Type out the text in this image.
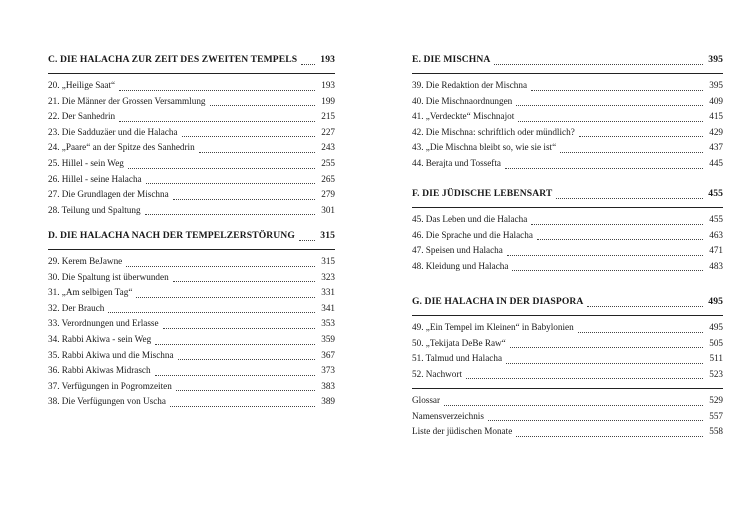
C. DIE HALACHA ZUR ZEIT DES ZWEITEN TEMPELS	193
20. „Heilige Saat“	193
21. Die Männer der Grossen Versammlung	199
22. Der Sanhedrin	215
23. Die Sadduzäer und die Halacha	227
24. „Paare“ an der Spitze des Sanhedrin	243
25. Hillel - sein Weg	255
26. Hillel - seine Halacha	265
27. Die Grundlagen der Mischna	279
28. Teilung und Spaltung	301
D. DIE HALACHA NACH DER TEMPELZERSTÖRUNG	315
29. Kerem BeJawne	315
30. Die Spaltung ist überwunden	323
31. „Am selbigen Tag“	331
32. Der Brauch	341
33. Verordnungen und Erlasse	353
34. Rabbi Akiwa - sein Weg	359
35. Rabbi Akiwa und die Mischna	367
36. Rabbi Akiwas Midrasch	373
37. Verfügungen in Pogromzeiten	383
38. Die Verfügungen von Uscha	389
E. DIE MISCHNA	395
39. Die Redaktion der Mischna	395
40. Die Mischnaordnungen	409
41. „Verdeckte“ Mischnajot	415
42. Die Mischna: schriftlich oder mündlich?	429
43. „Die Mischna bleibt so, wie sie ist“	437
44. Berajta und Tossefta	445
F. DIE JÜDISCHE LEBENSART	455
45. Das Leben und die Halacha	455
46. Die Sprache und die Halacha	463
47. Speisen und Halacha	471
48. Kleidung und Halacha	483
G. DIE HALACHA IN DER DIASPORA	495
49. „Ein Tempel im Kleinen“ in Babylonien	495
50. „Tekijata DeBe Raw“	505
51. Talmud und Halacha	511
52. Nachwort	523
Glossar	529
Namensverzeichnis	557
Liste der jüdischen Monate	558
